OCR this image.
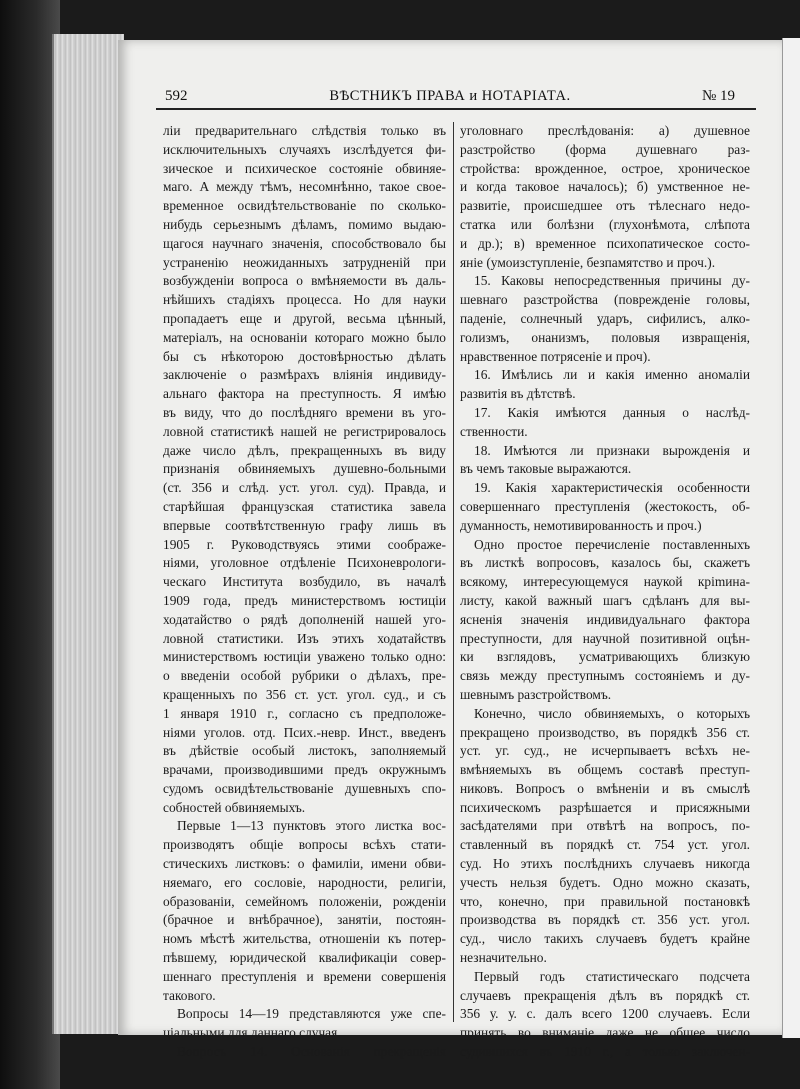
592	ВѢСТНИКЪ ПРАВА и НОТАРІАТА.	№ 19
ліи предварительнаго слѣдствія только въ
исключительныхъ случаяхъ изслѣдуется фи-
зическое и психическое состояніе обвиняе-
маго. А между тѣмъ, несомнѣнно, такое свое-
временное освидѣтельствованіе по сколько-
нибудь серьезнымъ дѣламъ, помимо выдаю-
щагося научнаго значенія, способствовало бы
устраненію неожиданныхъ затрудненій при
возбужденіи вопроса о вмѣняемости въ даль-
нѣйшихъ стадіяхъ процесса. Но для науки
пропадаетъ еще и другой, весьма цѣнный,
матеріалъ, на основаніи котораго можно было
бы съ нѣкоторою достовѣрностью дѣлать
заключеніе о размѣрахъ вліянія индивиду-
альнаго фактора на преступность. Я имѣю
въ виду, что до послѣдняго времени въ уго-
ловной статистикѣ нашей не регистрировалось
даже число дѣлъ, прекращенныхъ въ виду
признанія обвиняемыхъ душевно-больными
(ст. 356 и слѣд. уст. угол. суд). Правда, и
старѣйшая французская статистика завела
впервые соотвѣтственную графу лишь въ
1905 г. Руководствуясь этими соображе-
ніями, уголовное отдѣленіе Психоневрологи-
ческаго Института возбудило, въ началѣ
1909 года, предъ министерствомъ юстиціи
ходатайство о рядѣ дополненій нашей уго-
ловной статистики. Изъ этихъ ходатайствъ
министерствомъ юстиціи уважено только одно:
о введеніи особой рубрики о дѣлахъ, пре-
кращенныхъ по 356 ст. уст. угол. суд., и съ
1 января 1910 г., согласно съ предположе-
ніями уголов. отд. Псих.-невр. Инст., введенъ
въ дѣйствіе особый листокъ, заполняемый
врачами, производившими предъ окружнымъ
судомъ освидѣтельствованіе душевныхъ спо-
собностей обвиняемыхъ.
Первые 1—13 пунктовъ этого листка вос-
производятъ общіе вопросы всѣхъ стати-
стическихъ листковъ: о фамиліи, имени обви-
няемаго, его сословіе, народности, религіи,
образованіи, семейномъ положеніи, рожденіи
(брачное и внѣбрачное), занятіи, постоян-
номъ мѣстѣ жительства, отношеніи къ потер-
пѣвшему, юридической квалификаціи совер-
шеннаго преступленія и времени совершенія
такового.
Вопросы 14—19 представляются уже спе-
ціальными для даннаго случая.
Вопросъ 14. Основанія прекращенія
уголовнаго преслѣдованія: а) душевное
разстройство (форма душевнаго раз-
стройства: врожденное, острое, хроническое
и когда таковое началось); б) умственное не-
развитіе, происшедшее отъ тѣлеснаго недо-
статка или болѣзни (глухонѣмота, слѣпота
и др.); в) временное психопатическое состо-
яніе (умоизступленіе, безпамятство и проч.).
15. Каковы непосредственныя причины ду-
шевнаго разстройства (поврежденіе головы,
паденіе, солнечный ударъ, сифилисъ, алко-
голизмъ, онанизмъ, половыя извращенія,
нравственное потрясеніе и проч).
16. Имѣлись ли и какія именно аномаліи
развитія въ дѣтствѣ.
17. Какія имѣются данныя о наслѣд-
ственности.
18. Имѣются ли признаки вырожденія и
въ чемъ таковые выражаются.
19. Какія характеристическія особенности
совершеннаго преступленія (жестокость, об-
думанность, немотивированность и проч.)
Одно простое перечисленіе поставленныхъ
въ листкѣ вопросовъ, казалось бы, скажетъ
всякому, интересующемуся наукой крimина-
листу, какой важный шагъ сдѣланъ для вы-
ясненія значенія индивидуальнаго фактора
преступности, для научной позитивной оцѣн-
ки взглядовъ, усматривающихъ близкую
связь между преступнымъ состояніемъ и ду-
шевнымъ разстройствомъ.
Конечно, число обвиняемыхъ, о которыхъ
прекращено производство, въ порядкѣ 356 ст.
уст. уг. суд., не исчерпываетъ всѣхъ не-
вмѣняемыхъ въ общемъ составѣ преступ-
никовъ. Вопросъ о вмѣненіи и въ смыслѣ
психическомъ разрѣшается и присяжными
засѣдателями при отвѣтѣ на вопросъ, по-
ставленный въ порядкѣ ст. 754 уст. угол.
суд. Но этихъ послѣднихъ случаевъ никогда
учесть нельзя будетъ. Одно можно сказать,
что, конечно, при правильной постановкѣ
производства въ порядкѣ ст. 356 уст. угол.
суд., число такихъ случаевъ будетъ крайне
незначительно.
Первый годъ статистическаго подсчета
случаевъ прекращенія дѣлъ въ порядкѣ ст.
356 у. у. с. далъ всего 1200 случаевъ. Если
принять во вниманіе даже не общее число
судившихся въ 1910 г., а только заключен-
